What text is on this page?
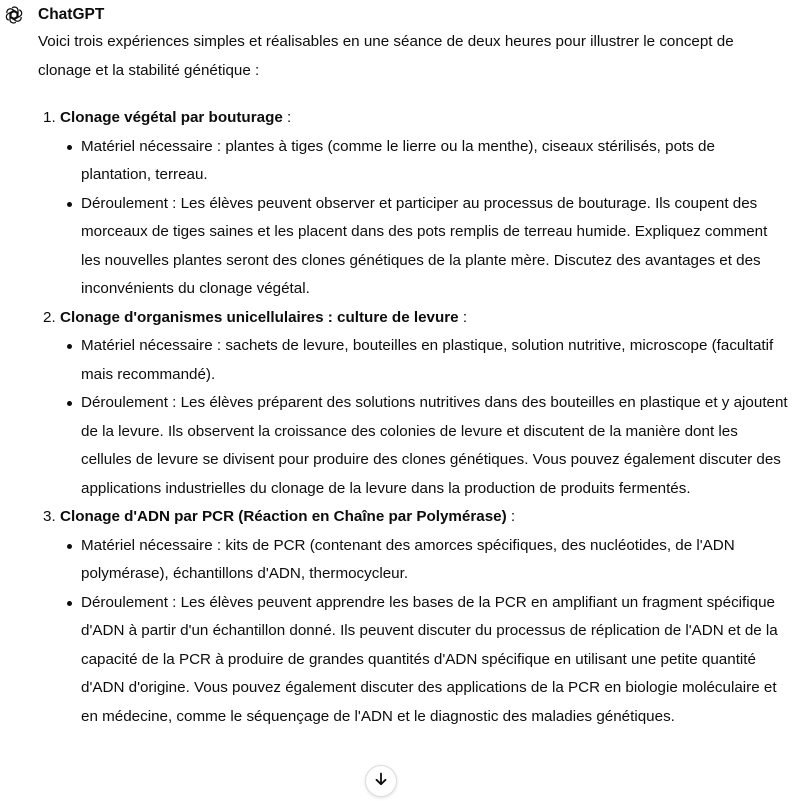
ChatGPT

Voici trois expériences simples et réalisables en une séance de deux heures pour illustrer le concept de clonage et la stabilité génétique :

1. Clonage végétal par bouturage :
Matériel nécessaire : plantes à tiges (comme le lierre ou la menthe), ciseaux stérilisés, pots de plantation, terreau.
Déroulement : Les élèves peuvent observer et participer au processus de bouturage. Ils coupent des morceaux de tiges saines et les placent dans des pots remplis de terreau humide. Expliquez comment les nouvelles plantes seront des clones génétiques de la plante mère. Discutez des avantages et des inconvénients du clonage végétal.
2. Clonage d'organismes unicellulaires : culture de levure :
Matériel nécessaire : sachets de levure, bouteilles en plastique, solution nutritive, microscope (facultatif mais recommandé).
Déroulement : Les élèves préparent des solutions nutritives dans des bouteilles en plastique et y ajoutent de la levure. Ils observent la croissance des colonies de levure et discutent de la manière dont les cellules de levure se divisent pour produire des clones génétiques. Vous pouvez également discuter des applications industrielles du clonage de la levure dans la production de produits fermentés.
3. Clonage d'ADN par PCR (Réaction en Chaîne par Polymérase) :
Matériel nécessaire : kits de PCR (contenant des amorces spécifiques, des nucléotides, de l'ADN polymérase), échantillons d'ADN, thermocycleur.
Déroulement : Les élèves peuvent apprendre les bases de la PCR en amplifiant un fragment spécifique d'ADN à partir d'un échantillon donné. Ils peuvent discuter du processus de réplication de l'ADN et de la capacité de la PCR à produire de grandes quantités d'ADN spécifique en utilisant une petite quantité d'ADN d'origine. Vous pouvez également discuter des applications de la PCR en biologie moléculaire et en médecine, comme le séquençage de l'ADN et le diagnostic des maladies génétiques.
